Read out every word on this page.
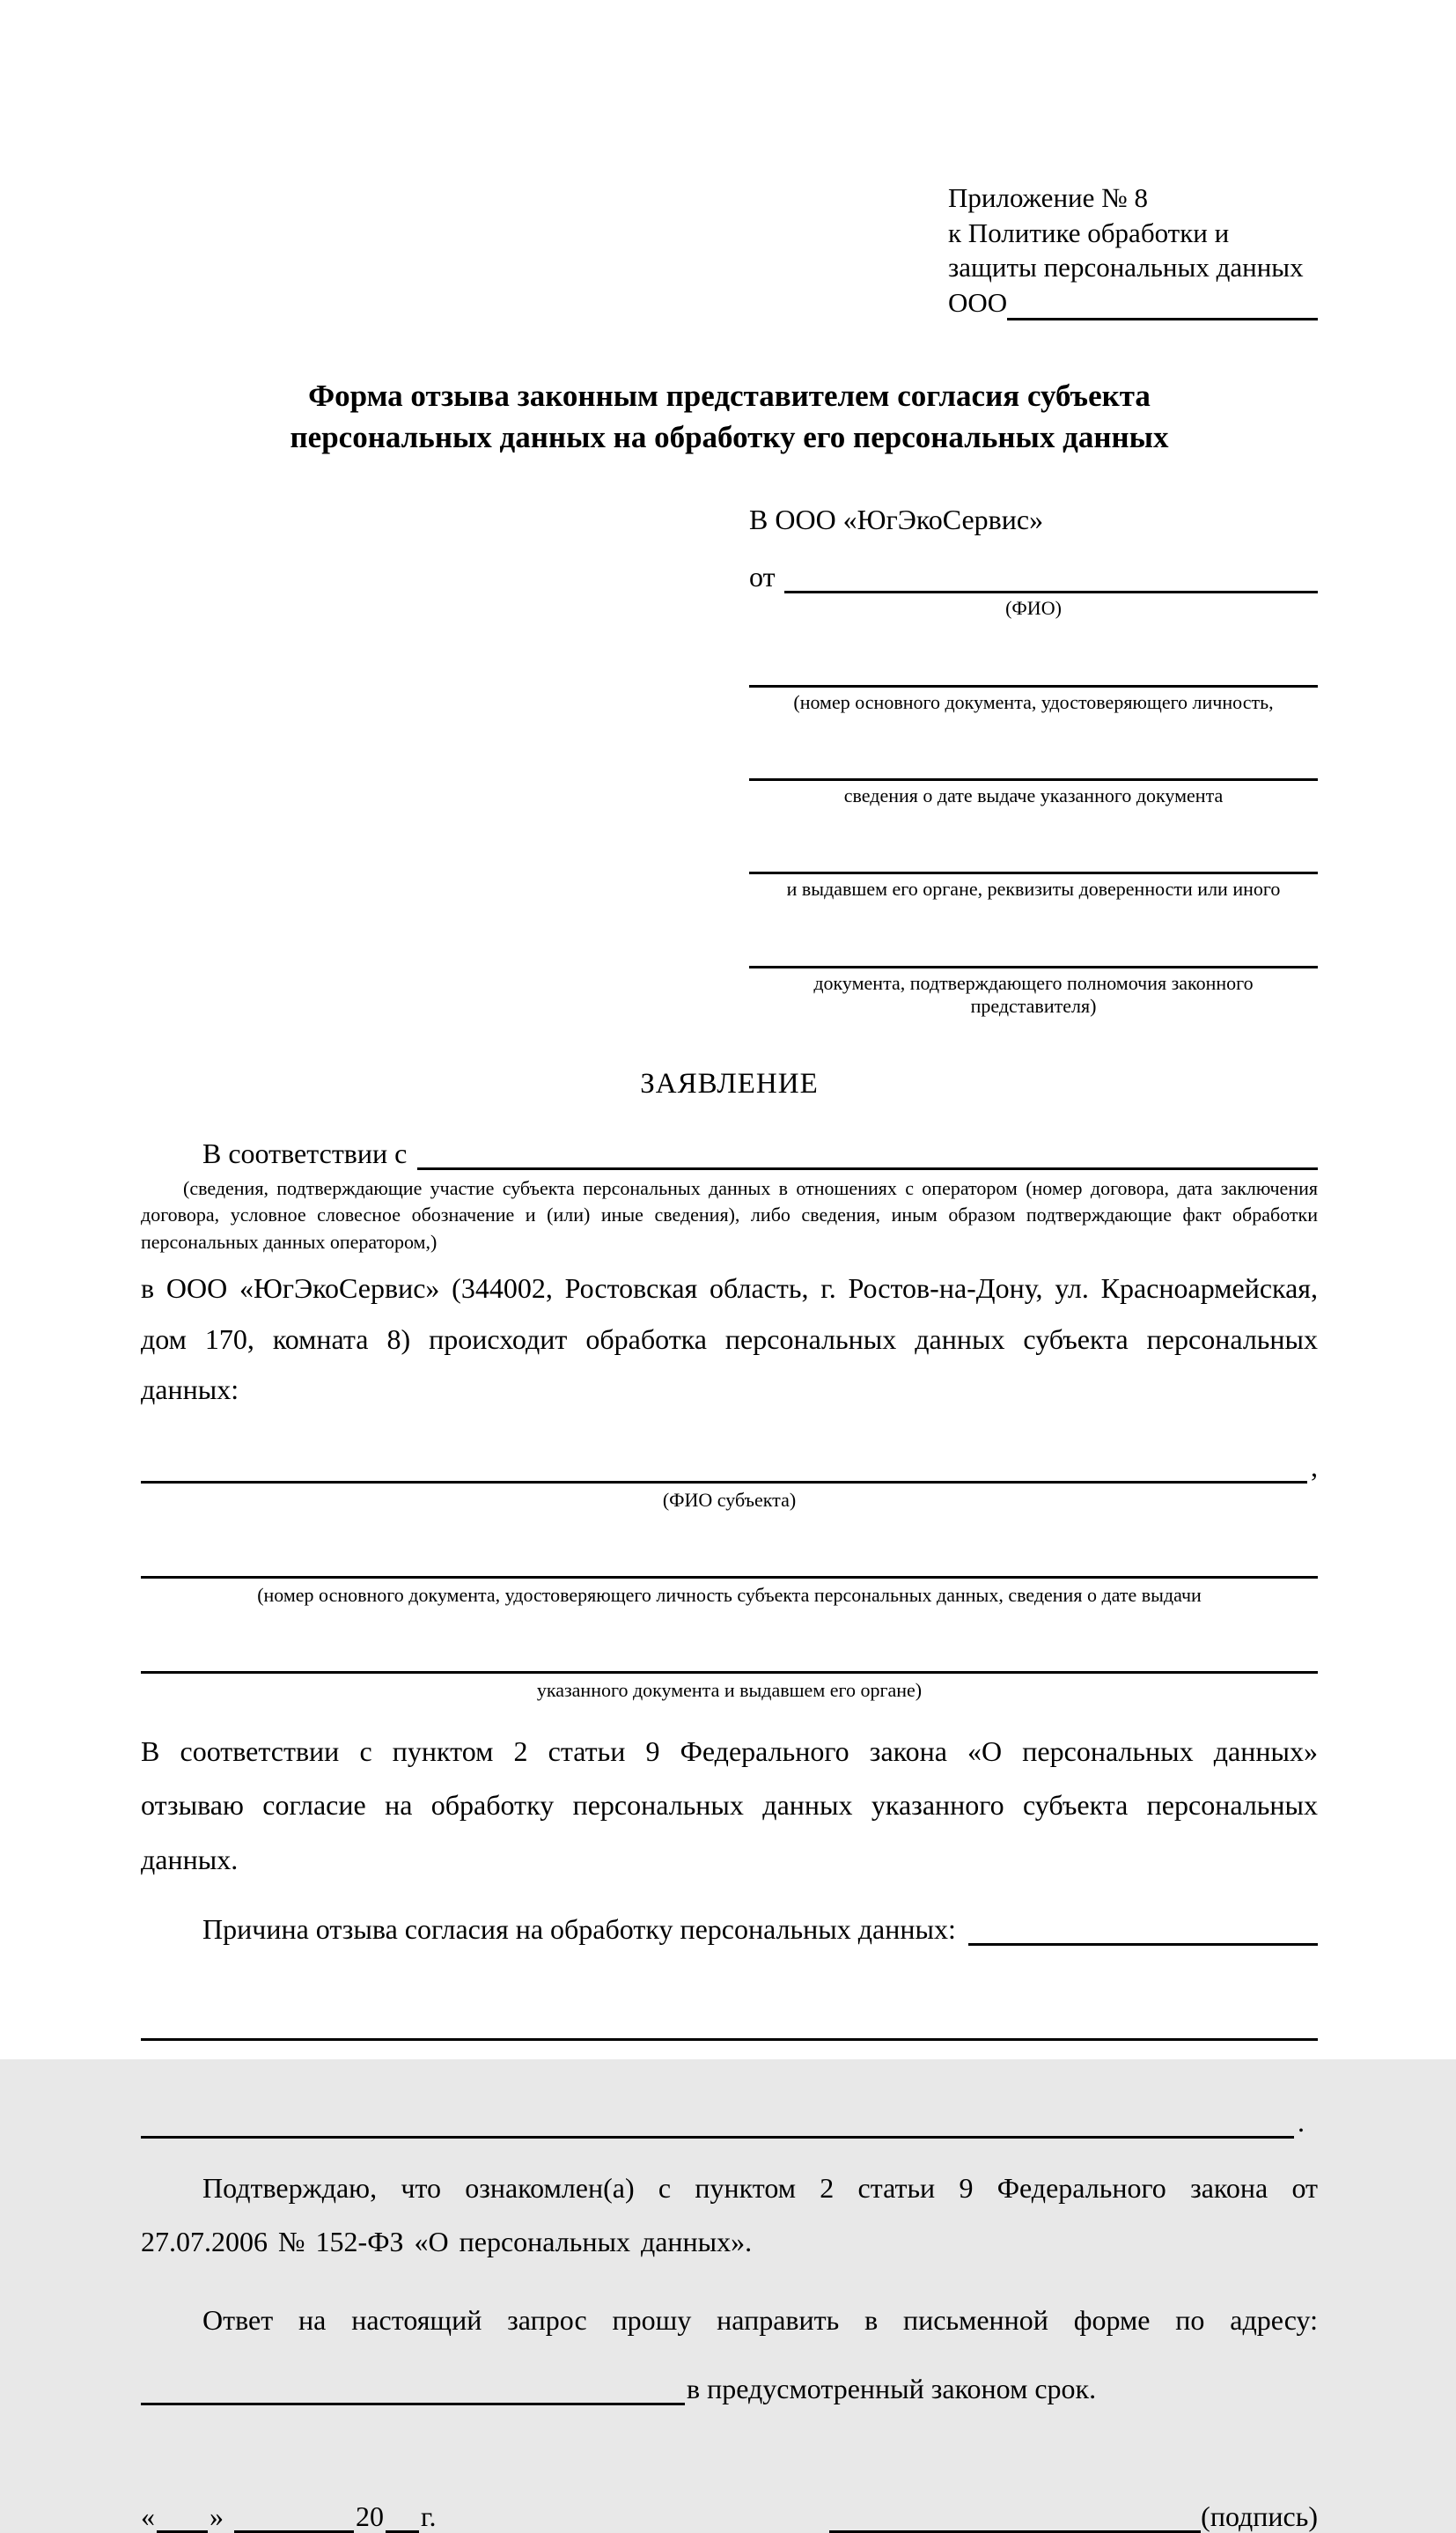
Приложение № 8
к Политике обработки и
защиты персональных данных
ООО
Форма отзыва законным представителем согласия субъекта
персональных данных на обработку его персональных данных
В ООО «ЮгЭкоСервис»
от
(ФИО)
(номер основного документа, удостоверяющего личность,
сведения о дате выдаче указанного документа
и выдавшем его органе, реквизиты доверенности или иного
документа, подтверждающего полномочия законного представителя)
ЗАЯВЛЕНИЕ
В соответствии с
(сведения, подтверждающие участие субъекта персональных данных в отношениях с оператором (номер договора, дата заключения договора, условное словесное обозначение и (или) иные сведения), либо сведения, иным образом подтверждающие факт обработки персональных данных оператором,)
в ООО «ЮгЭкоСервис» (344002, Ростовская область, г. Ростов-на-Дону, ул. Красноармейская, дом 170, комната 8) происходит обработка персональных данных субъекта персональных данных:
,
(ФИО субъекта)
(номер основного документа, удостоверяющего личность субъекта персональных данных, сведения о дате выдачи
указанного документа и выдавшем его органе)
В соответствии с пунктом 2 статьи 9 Федерального закона «О персональных данных» отзываю согласие на обработку персональных данных указанного субъекта персональных данных.
Причина отзыва согласия на обработку персональных данных:
.
Подтверждаю, что ознакомлен(а) с пунктом 2 статьи 9 Федерального закона от 27.07.2006 № 152-ФЗ «О персональных данных».
Ответ на настоящий запрос прошу направить в письменной форме по адресу:
в предусмотренный законом срок.
« »	20 г.	(подпись)
